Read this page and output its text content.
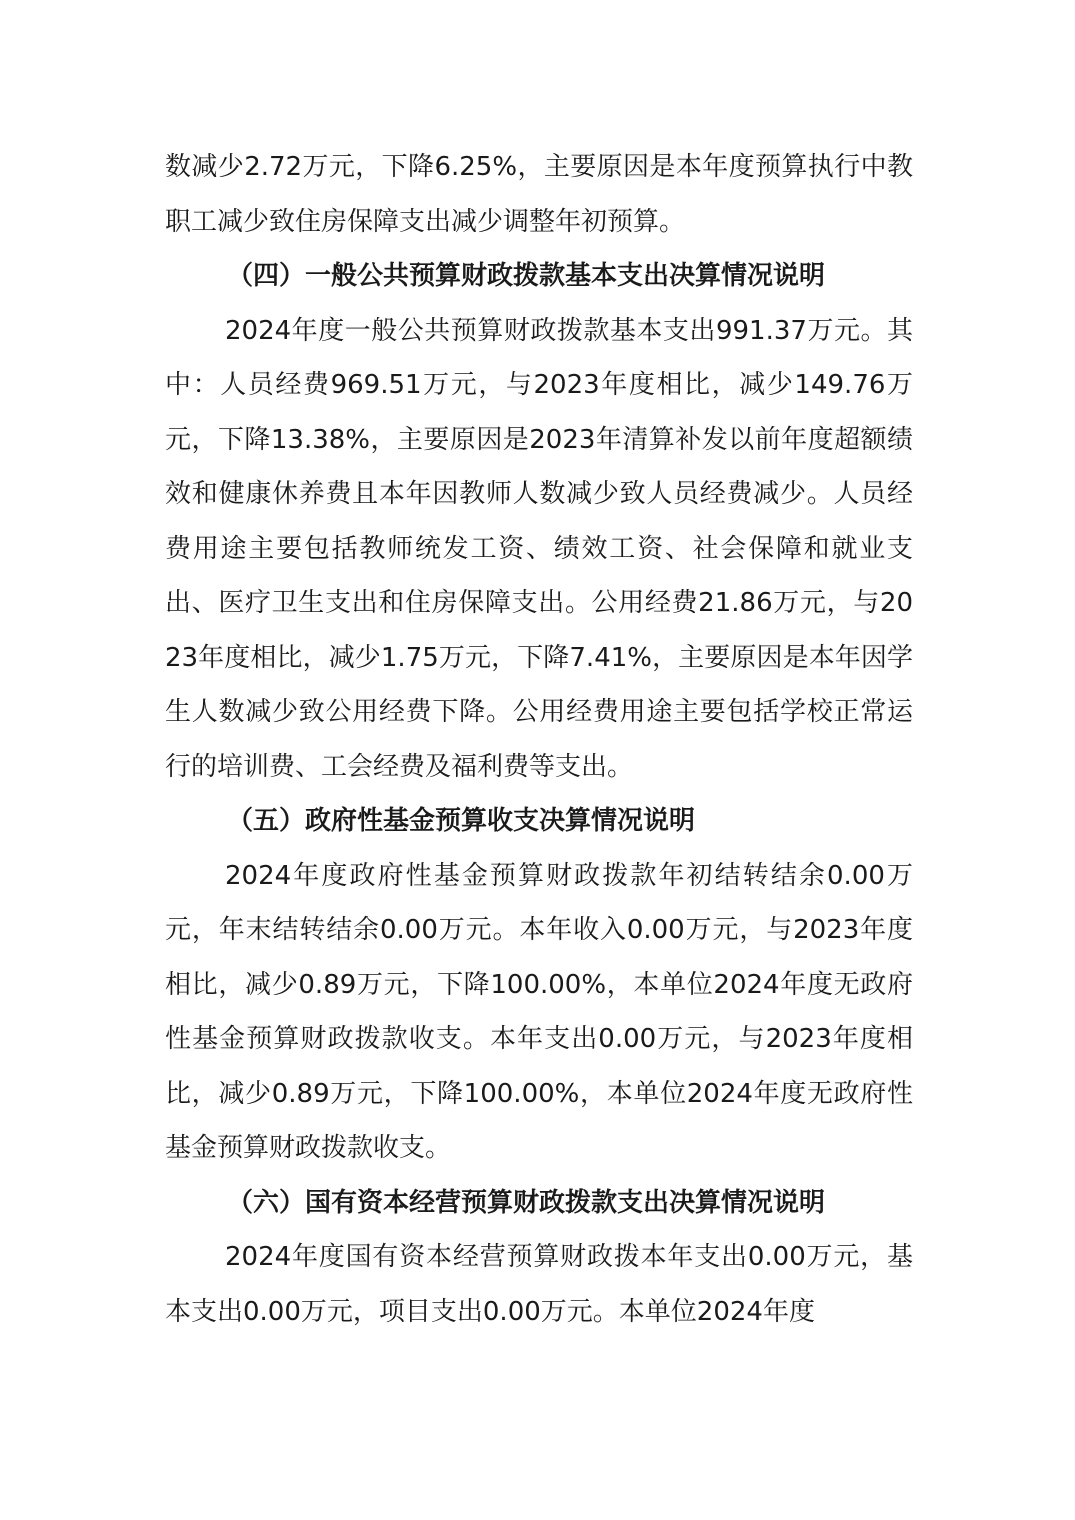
数减少2.72万元，下降6.25%，主要原因是本年度预算执行中教职工减少致住房保障支出减少调整年初预算。

（四）一般公共预算财政拨款基本支出决算情况说明

2024年度一般公共预算财政拨款基本支出991.37万元。其中：人员经费969.51万元，与2023年度相比，减少149.76万元，下降13.38%，主要原因是2023年清算补发以前年度超额绩效和健康休养费且本年因教师人数减少致人员经费减少。人员经费用途主要包括教师统发工资、绩效工资、社会保障和就业支出、医疗卫生支出和住房保障支出。公用经费21.86万元，与2023年度相比，减少1.75万元，下降7.41%，主要原因是本年因学生人数减少致公用经费下降。公用经费用途主要包括学校正常运行的培训费、工会经费及福利费等支出。

（五）政府性基金预算收支决算情况说明

2024年度政府性基金预算财政拨款年初结转结余0.00万元，年末结转结余0.00万元。本年收入0.00万元，与2023年度相比，减少0.89万元，下降100.00%，本单位2024年度无政府性基金预算财政拨款收支。本年支出0.00万元，与2023年度相比，减少0.89万元，下降100.00%，本单位2024年度无政府性基金预算财政拨款收支。

（六）国有资本经营预算财政拨款支出决算情况说明

2024年度国有资本经营预算财政拨本年支出0.00万元，基本支出0.00万元，项目支出0.00万元。本单位2024年度
